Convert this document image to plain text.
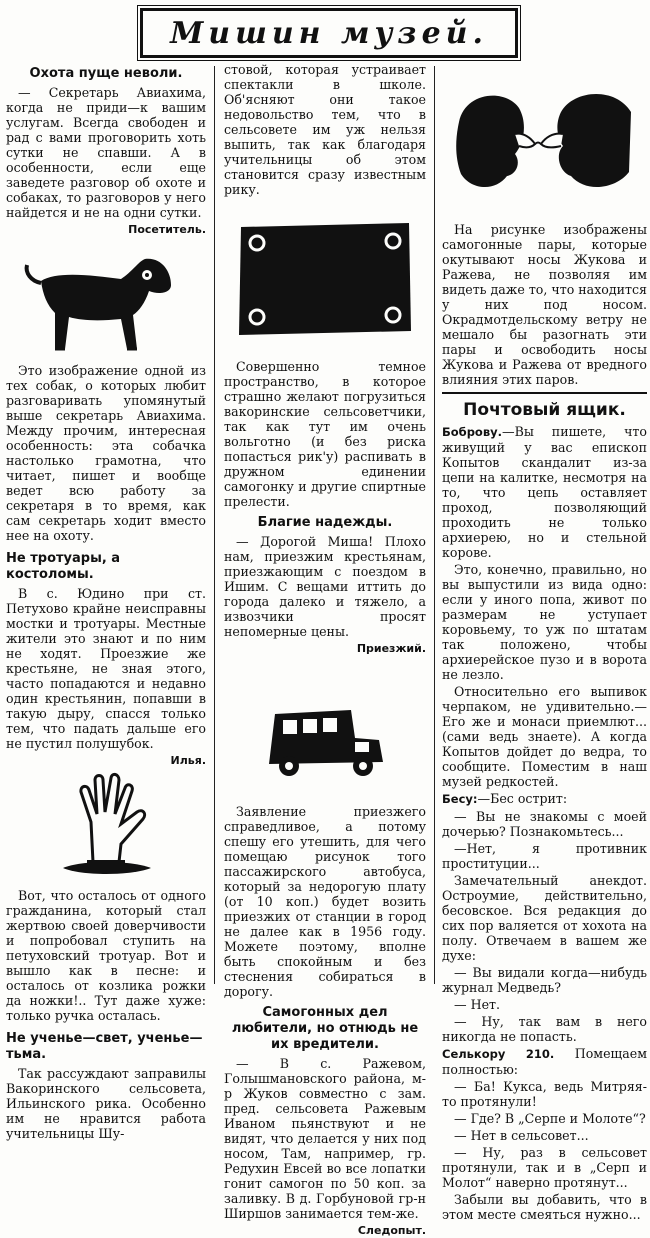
Мишин музей.
Охота пуще неволи.

— Секретарь Авиахима, когда не приди—к вашим услугам. Всегда свободен и рад с вами проговорить хоть сутки не спавши. А в особенности, если еще заведете разговор об охоте и собаках, то разговоров у него найдется и не на одни сутки.

Посетитель.

Это изображение одной из тех собак, о которых любит разговаривать упомянутый выше секретарь Авиахима. Между прочим, интересная особенность: эта собачка настолько грамотна, что читает, пишет и вообще ведет всю работу за секретаря в то время, как сам секретарь ходит вместо нее на охоту.

Не тротуары, а костоломы.

В с. Юдино при ст. Петуховo крайне неисправны мостки и тротуары. Местные жители это знают и по ним не ходят. Проезжие же крестьяне, не зная этого, часто попадаются и недавно один крестьянин, попавши в такую дыру, спасся только тем, что падать дальше его не пустил полушубок.

Илья.

Вот, что осталось от одного гражданина, который стал жертвою своей доверчивости и попробовал ступить на петуховский тротуар. Вот и вышло как в песне: и осталось от козлика рожки да ножки!.. Тут даже хуже: только ручка осталась.

Не ученье—свет, ученье—тьма.

Так рассуждают заправилы Вакоринского сельсовета, Ильинского рика. Особенно им не нравится работа учительницы Шу-

стовой, которая устраивает спектакли в школе. Об'ясняют они такое недовольство тем, что в сельсовете им уж нельзя выпить, так как благодаря учительницы об этом становится сразу известным рику.

Совершенно темное пространство, в которое страшно желают погрузиться вакоринские сельсоветчики, так как тут им очень вольготно (и без риска попасться рик'у) распивать в дружном единении самогонку и другие спиртные прелести.

Благие надежды.

— Дорогой Миша! Плохо нам, приезжим крестьянам, приезжающим с поездом в Ишим. С вещами иттить до города далеко и тяжело, а извозчики просят непомерные цены.

Приезжий.

Заявление приезжего справедливое, а потому спешу его утешить, для чего помещаю рисунок того пассажирского автобуса, который за недорогую плату (от 10 коп.) будет возить приезжих от станции в город не далее как в 1956 году. Можете поэтому, вполне быть спокойным и без стеснения собираться в дорогу.

Самогонных дел любители, но отнюдь не их вредители.

— В с. Ражевом, Голышмановского района, м-р Жуков совместно с зам. пред. сельсовета Ражевым Иваном пьянствуют и не видят, что делается у них под носом, Там, например, гр. Редухин Евсей во все лопатки гонит самогон по 50 коп. за заливку. В д. Горбуновой гр-н Ширшов занимается тем-же.

Следопыт.

На рисунке изображены самогонные пары, которые окутывают носы Жукова и Ражева, не позволяя им видеть даже то, что находится у них под носом. Окрадмотдельскому ветру не мешало бы разогнать эти пары и освободить носы Жукова и Ражева от вредного влияния этих паров.

Почтовый ящик.

Боброву.—Вы пишете, что живущий у вас епископ Копытов скандалит из-за цепи на калитке, несмотря на то, что цепь оставляет проход, позволяющий проходить не только архиерею, но и стельной корове.

Это, конечно, правильно, но вы выпустили из вида одно: если у иного попа, живот по размерам не уступает коровьему, то уж по штатам так положено, чтобы архиерейское пузо и в ворота не лезло.

Относительно его выпивок черпаком, не удивительно.—Его же и монаси приемлют...(сами ведь знаете). А когда Копытов дойдет до ведра, то сообщите. Поместим в наш музей редкостей.

Бесу:—Бес острит:

— Вы не знакомы с моей дочерью? Познакомьтесь...

—Нет, я противник проституции...

Замечательный анекдот. Остроумие, действительно, бесовское. Вся редакция до сих пор валяется от хохота на полу. Отвечаем в вашем же духе:

— Вы видали когда—нибудь журнал Медведь?

— Нет.

— Ну, так вам в него никогда не попасть.

Селькору 210. Помещаем полностью:

— Ба! Кукса, ведь Митряя-то протянули!

— Где? В „Серпе и Молоте“?

— Нет в сельсовет...

— Ну, раз в сельсовет протянули, так и в „Серп и Молот“ наверно протянут...

Забыли вы добавить, что в этом месте смеяться нужно...
